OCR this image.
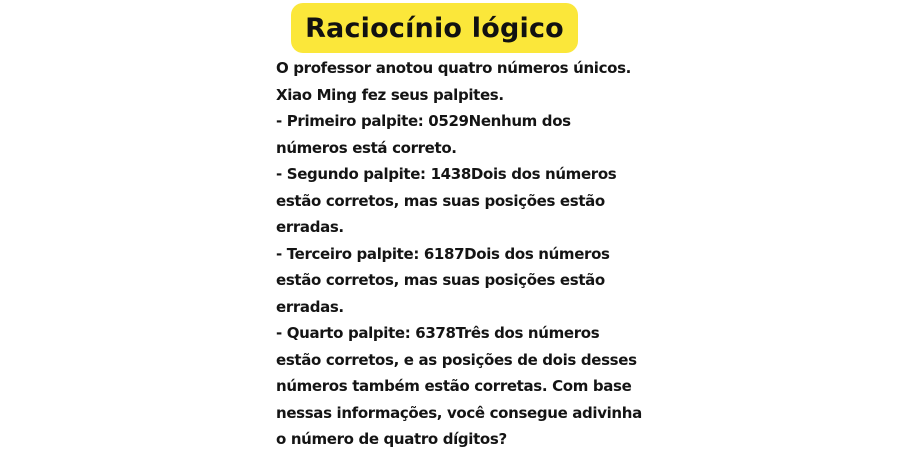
Raciocínio lógico
O professor anotou quatro números únicos.
Xiao Ming fez seus palpites.
- Primeiro palpite: 0529Nenhum dos
números está correto.
- Segundo palpite: 1438Dois dos números
estão corretos, mas suas posições estão
erradas.
- Terceiro palpite: 6187Dois dos números
estão corretos, mas suas posições estão
erradas.
- Quarto palpite: 6378Três dos números
estão corretos, e as posições de dois desses
números também estão corretas. Com base
nessas informações, você consegue adivinha
o número de quatro dígitos?
